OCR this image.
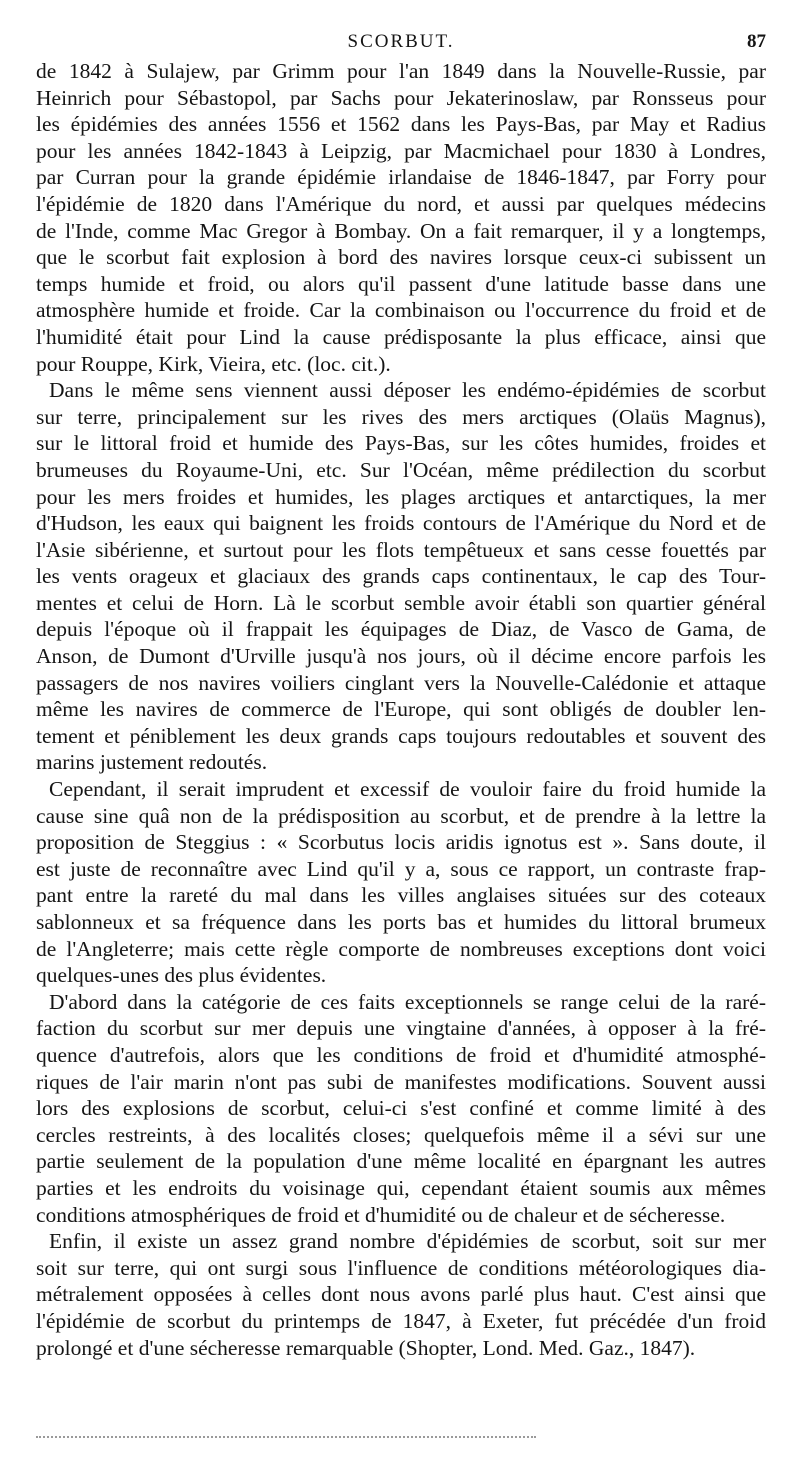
SCORBUT.	87
de 1842 à Sulajew, par Grimm pour l'an 1849 dans la Nouvelle-Russie, par
Heinrich pour Sébastopol, par Sachs pour Jekaterinoslaw, par Ronsseus pour
les épidémies des années 1556 et 1562 dans les Pays-Bas, par May et Radius
pour les années 1842-1843 à Leipzig, par Macmichael pour 1830 à Londres,
par Curran pour la grande épidémie irlandaise de 1846-1847, par Forry pour
l'épidémie de 1820 dans l'Amérique du nord, et aussi par quelques médecins
de l'Inde, comme Mac Gregor à Bombay. On a fait remarquer, il y a longtemps,
que le scorbut fait explosion à bord des navires lorsque ceux-ci subissent un
temps humide et froid, ou alors qu'il passent d'une latitude basse dans une
atmosphère humide et froide. Car la combinaison ou l'occurrence du froid et de
l'humidité était pour Lind la cause prédisposante la plus efficace, ainsi que
pour Rouppe, Kirk, Vieira, etc. (loc. cit.).
Dans le même sens viennent aussi déposer les endémo-épidémies de scorbut
sur terre, principalement sur les rives des mers arctiques (Olaüs Magnus),
sur le littoral froid et humide des Pays-Bas, sur les côtes humides, froides et
brumeuses du Royaume-Uni, etc. Sur l'Océan, même prédilection du scorbut
pour les mers froides et humides, les plages arctiques et antarctiques, la mer
d'Hudson, les eaux qui baignent les froids contours de l'Amérique du Nord et de
l'Asie sibérienne, et surtout pour les flots tempêtueux et sans cesse fouettés par
les vents orageux et glaciaux des grands caps continentaux, le cap des Tour-
mentes et celui de Horn. Là le scorbut semble avoir établi son quartier général
depuis l'époque où il frappait les équipages de Diaz, de Vasco de Gama, de
Anson, de Dumont d'Urville jusqu'à nos jours, où il décime encore parfois les
passagers de nos navires voiliers cinglant vers la Nouvelle-Calédonie et attaque
même les navires de commerce de l'Europe, qui sont obligés de doubler len-
tement et péniblement les deux grands caps toujours redoutables et souvent des
marins justement redoutés.
Cependant, il serait imprudent et excessif de vouloir faire du froid humide la
cause sine quâ non de la prédisposition au scorbut, et de prendre à la lettre la
proposition de Steggius : « Scorbutus locis aridis ignotus est ». Sans doute, il
est juste de reconnaître avec Lind qu'il y a, sous ce rapport, un contraste frap-
pant entre la rareté du mal dans les villes anglaises situées sur des coteaux
sablonneux et sa fréquence dans les ports bas et humides du littoral brumeux
de l'Angleterre; mais cette règle comporte de nombreuses exceptions dont voici
quelques-unes des plus évidentes.
D'abord dans la catégorie de ces faits exceptionnels se range celui de la raré-
faction du scorbut sur mer depuis une vingtaine d'années, à opposer à la fré-
quence d'autrefois, alors que les conditions de froid et d'humidité atmosphé-
riques de l'air marin n'ont pas subi de manifestes modifications. Souvent aussi
lors des explosions de scorbut, celui-ci s'est confiné et comme limité à des
cercles restreints, à des localités closes; quelquefois même il a sévi sur une
partie seulement de la population d'une même localité en épargnant les autres
parties et les endroits du voisinage qui, cependant étaient soumis aux mêmes
conditions atmosphériques de froid et d'humidité ou de chaleur et de sécheresse.
Enfin, il existe un assez grand nombre d'épidémies de scorbut, soit sur mer
soit sur terre, qui ont surgi sous l'influence de conditions météorologiques dia-
métralement opposées à celles dont nous avons parlé plus haut. C'est ainsi que
l'épidémie de scorbut du printemps de 1847, à Exeter, fut précédée d'un froid
prolongé et d'une sécheresse remarquable (Shopter, Lond. Med. Gaz., 1847).
